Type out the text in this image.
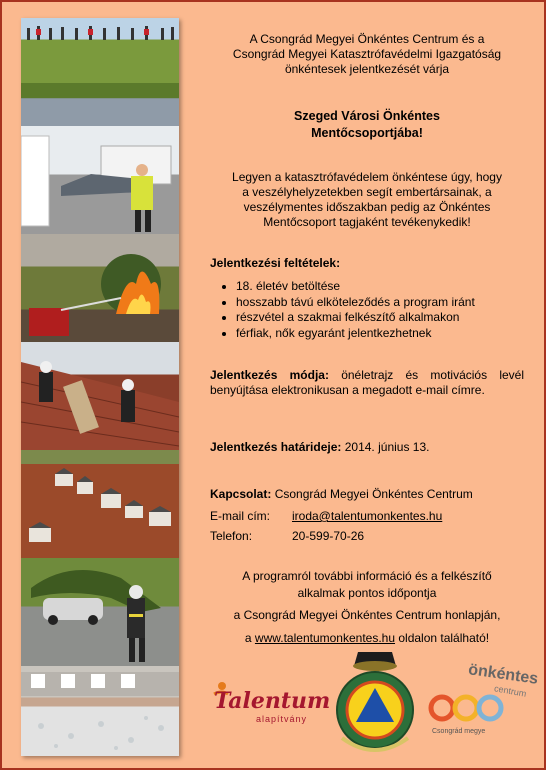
A Csongrád Megyei Önkéntes Centrum és a
Csongrád Megyei Katasztrófavédelmi Igazgatóság
önkéntesek jelentkezését várja
Szeged Városi Önkéntes
Mentőcsoportjába!
Legyen a katasztrófavédelem önkéntese úgy, hogy
a veszélyhelyzetekben segít embertársainak, a
veszélymentes időszakban pedig az Önkéntes
Mentőcsoport tagjaként tevékenykedik!
Jelentkezési feltételek:
• 18. életév betöltése
• hosszabb távú elköteleződés a program iránt
• részvétel a szakmai felkészítő alkalmakon
• férfiak, nők egyaránt jelentkezhetnek
Jelentkezés módja: önéletrajz és motivációs levél benyújtása elektronikusan a megadott e-mail címre.
Jelentkezés határideje: 2014. június 13.
Kapcsolat: Csongrád Megyei Önkéntes Centrum
E-mail cím: iroda@talentumonkentes.hu
Telefon:	20-599-70-26
A programról további információ és a felkészítő
alkalmak pontos időpontja
a Csongrád Megyei Önkéntes Centrum honlapján,
a www.talentumonkentes.hu oldalon található!
Talentum
alapítvány
önkéntes
centrum
Csongrád megye
